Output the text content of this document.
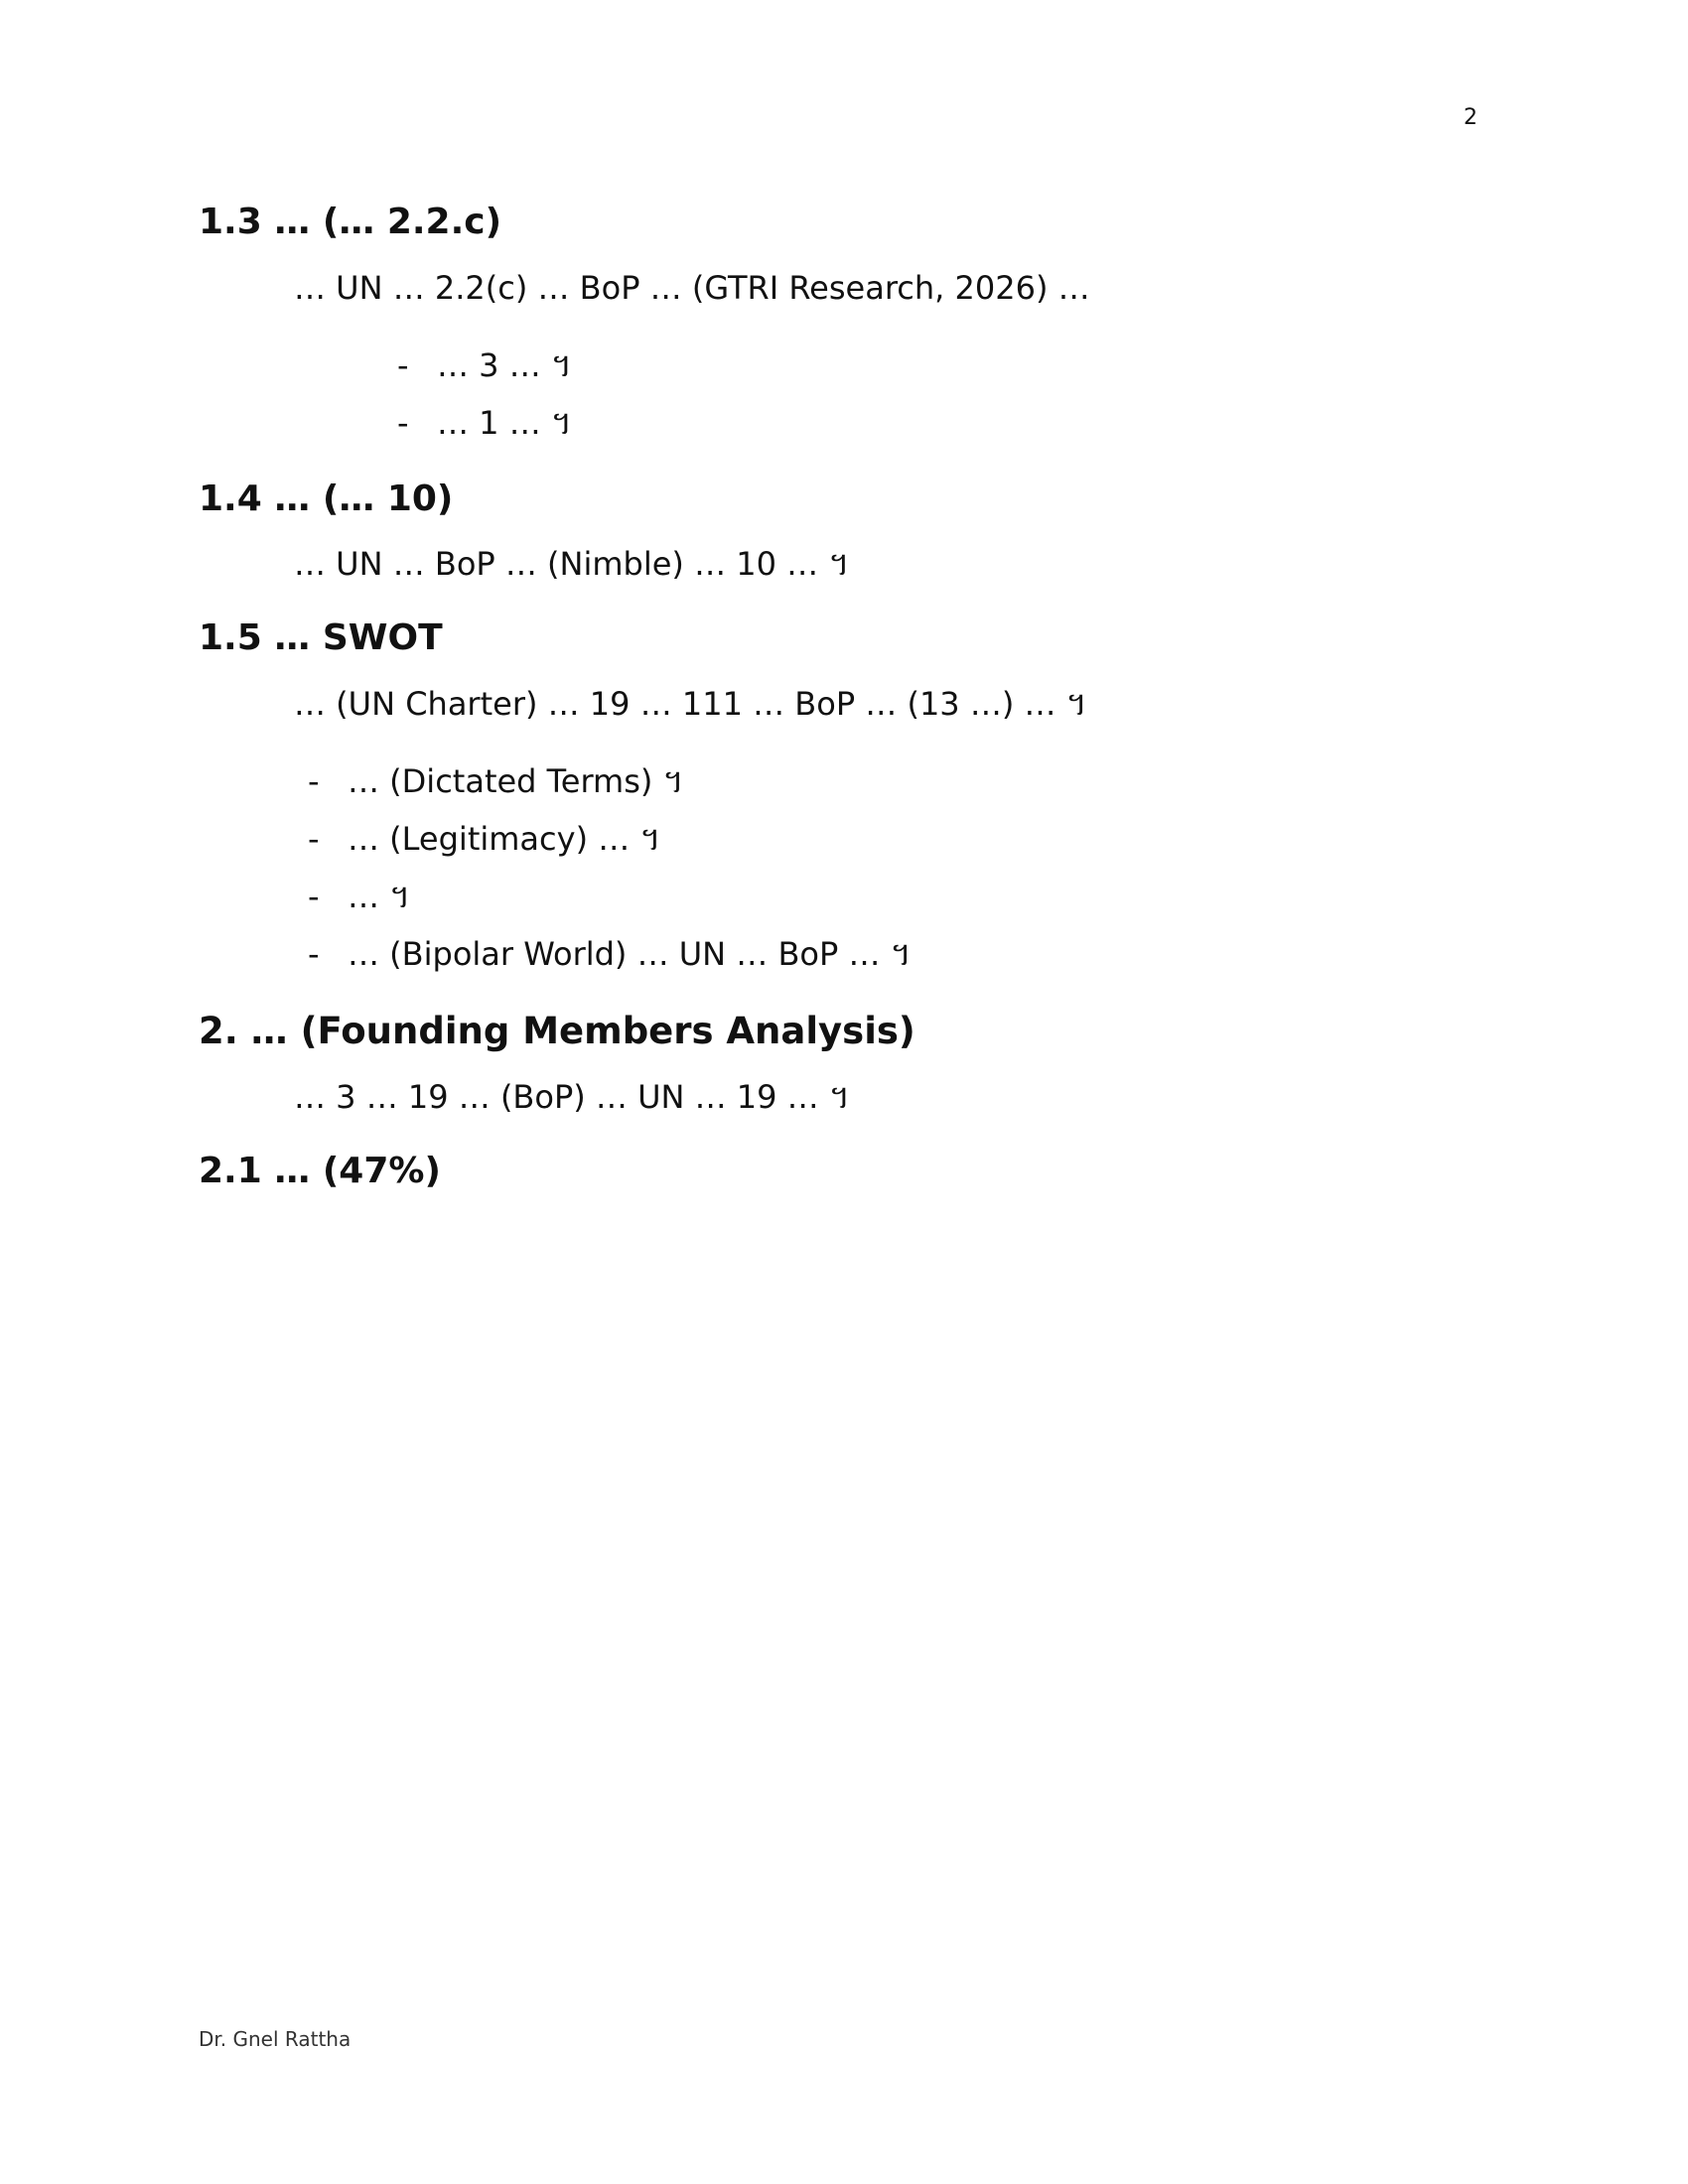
2
1.3 … (… 2.2.c)

… UN … 2.2(c) … BoP … (GTRI Research, 2026) …

- … 3 … ។
- … 1 … ។
1.4 … (… 10)

… UN … BoP … (Nimble) … 10 … ។

1.5 … SWOT

… (UN Charter) … 19 … 111 … BoP … (13 …) … ។

- … (Dictated Terms) ។
- … (Legitimacy) … ។
- … ។
- … (Bipolar World) … UN … BoP … ។
2. … (Founding Members Analysis)

… 3 … 19 … (BoP) … UN … 19 … ។

2.1 … (47%)
Dr. Gnel Rattha
